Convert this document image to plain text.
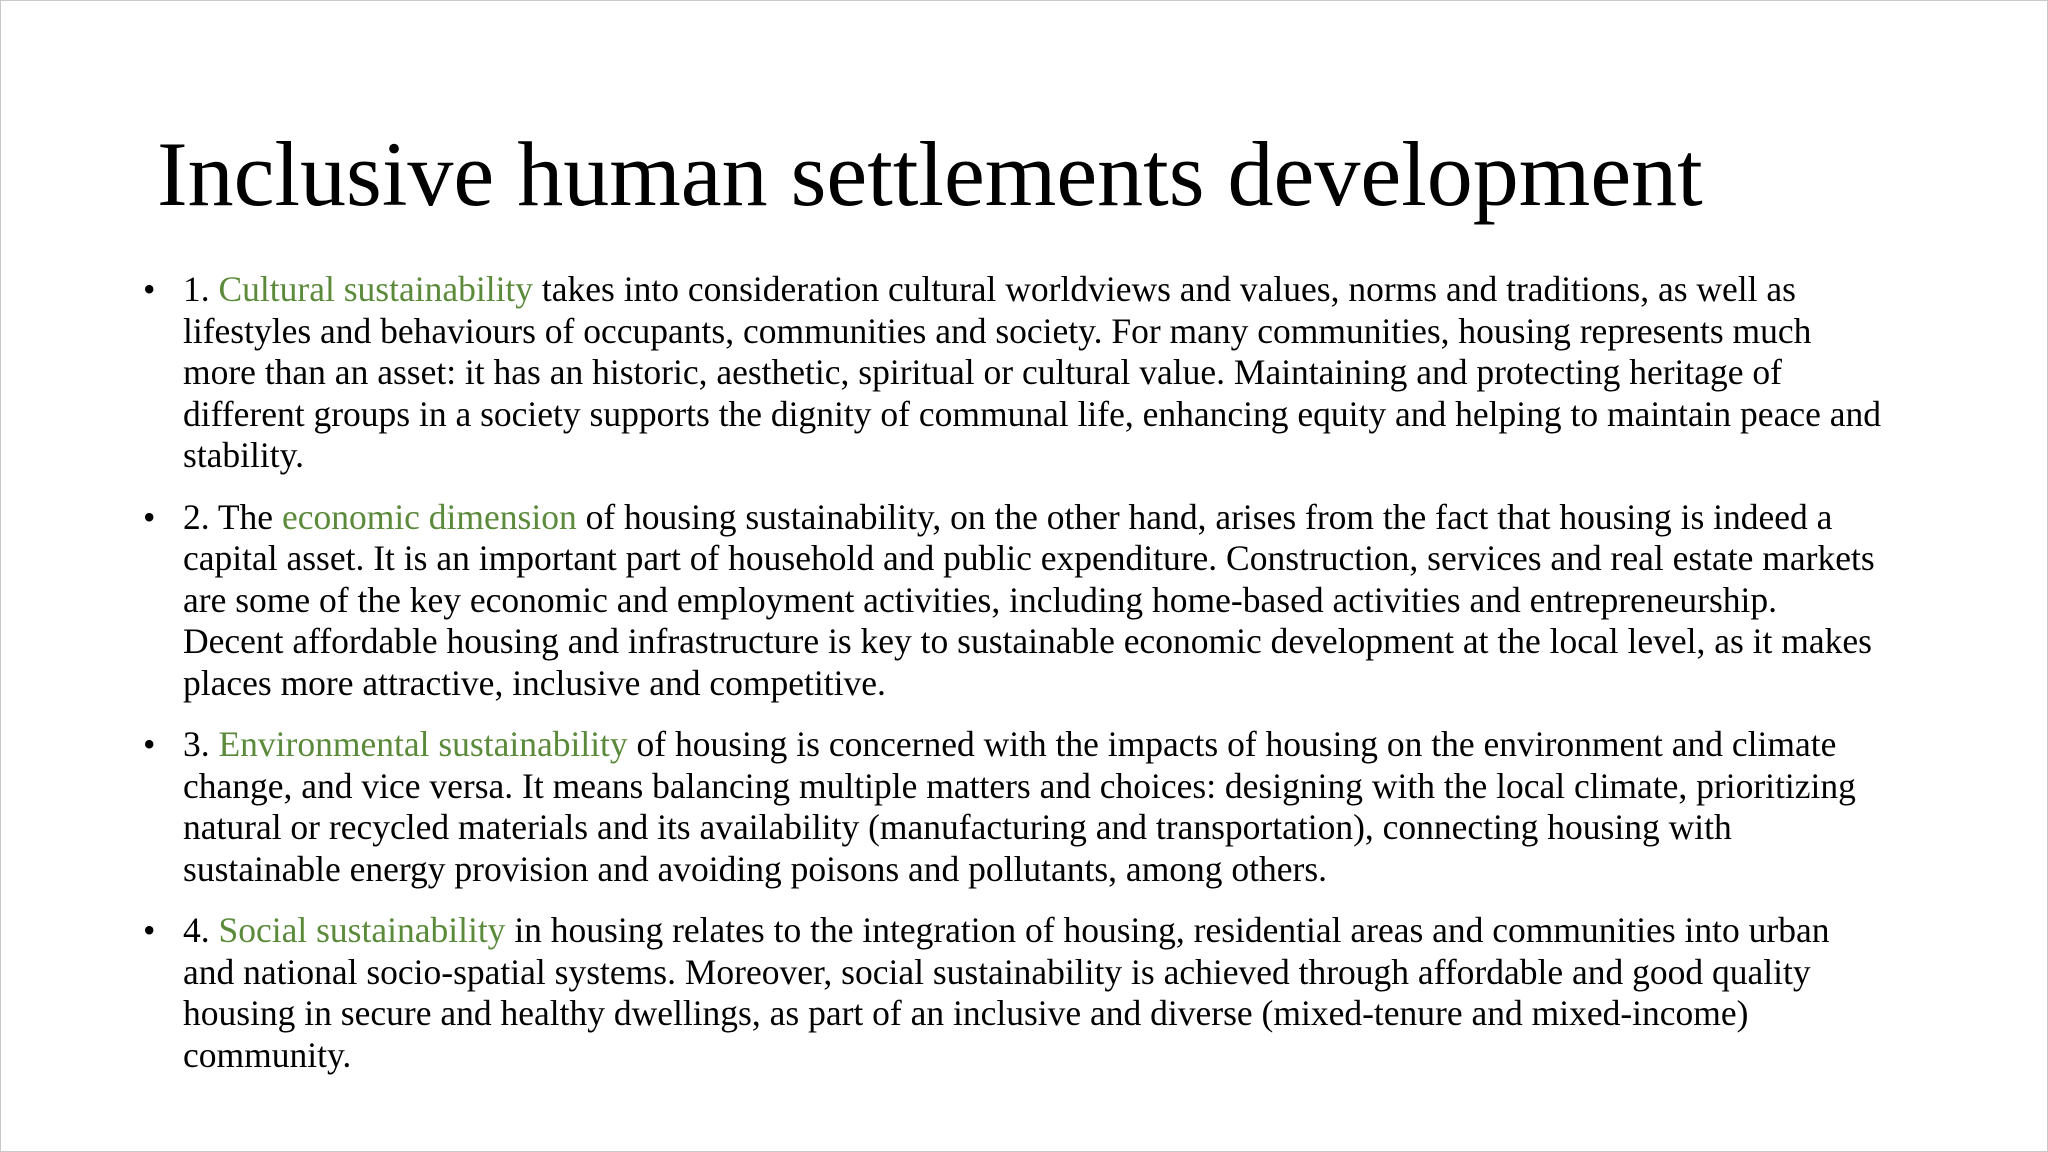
Inclusive human settlements development
• 1. Cultural sustainability takes into consideration cultural worldviews and values, norms and traditions, as well as lifestyles and behaviours of occupants, communities and society. For many communities, housing represents much more than an asset: it has an historic, aesthetic, spiritual or cultural value. Maintaining and protecting heritage of different groups in a society supports the dignity of communal life, enhancing equity and helping to maintain peace and stability.
• 2. The economic dimension of housing sustainability, on the other hand, arises from the fact that housing is indeed a capital asset. It is an important part of household and public expenditure. Construction, services and real estate markets are some of the key economic and employment activities, including home-based activities and entrepreneurship. Decent affordable housing and infrastructure is key to sustainable economic development at the local level, as it makes places more attractive, inclusive and competitive.
• 3. Environmental sustainability of housing is concerned with the impacts of housing on the environment and climate change, and vice versa. It means balancing multiple matters and choices: designing with the local climate, prioritizing natural or recycled materials and its availability (manufacturing and transportation), connecting housing with sustainable energy provision and avoiding poisons and pollutants, among others.
• 4. Social sustainability in housing relates to the integration of housing, residential areas and communities into urban and national socio-spatial systems. Moreover, social sustainability is achieved through affordable and good quality housing in secure and healthy dwellings, as part of an inclusive and diverse (mixed-tenure and mixed-income) community.
